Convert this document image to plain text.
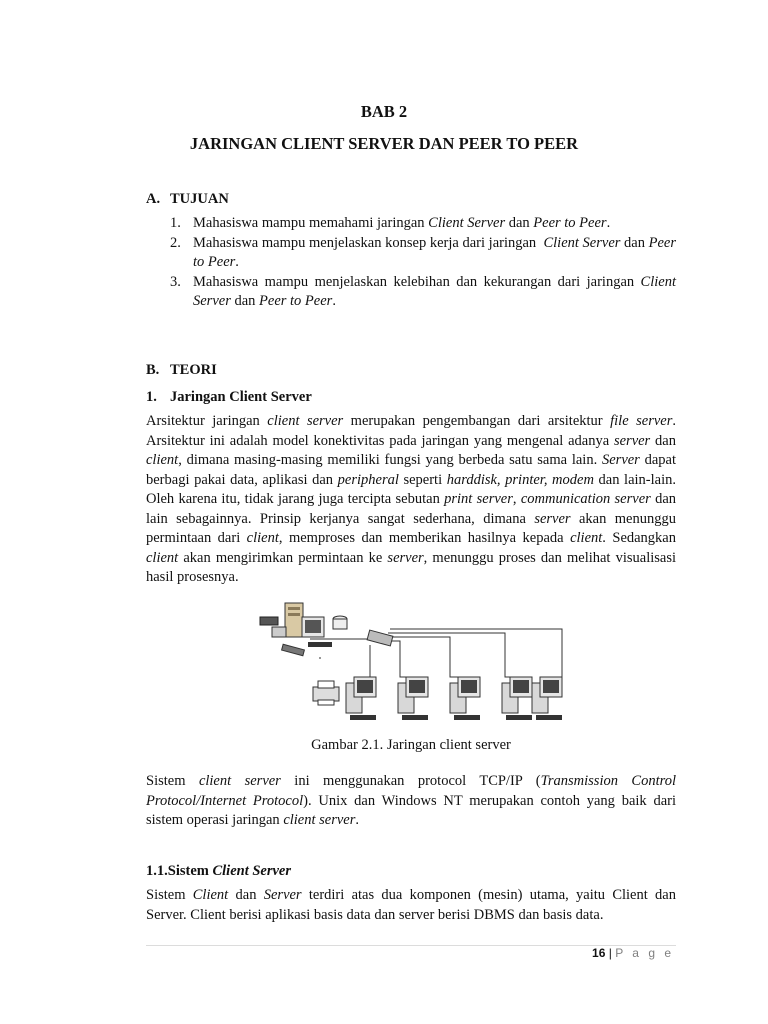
BAB 2
JARINGAN CLIENT SERVER DAN PEER TO PEER
A. TUJUAN
1. Mahasiswa mampu memahami jaringan Client Server dan Peer to Peer.
2. Mahasiswa mampu menjelaskan konsep kerja dari jaringan  Client Server dan Peer to Peer.
3. Mahasiswa mampu menjelaskan kelebihan dan kekurangan dari jaringan Client Server dan Peer to Peer.
B. TEORI
1. Jaringan Client Server

Arsitektur jaringan client server merupakan pengembangan dari arsitektur file server. Arsitektur ini adalah model konektivitas pada jaringan yang mengenal adanya server dan client, dimana masing-masing memiliki fungsi yang berbeda satu sama lain. Server dapat berbagi pakai data, aplikasi dan peripheral seperti harddisk, printer, modem dan lain-lain. Oleh karena itu, tidak jarang juga tercipta sebutan print server, communication server dan lain sebagainnya. Prinsip kerjanya sangat sederhana, dimana server akan menunggu permintaan dari client, memproses dan memberikan hasilnya kepada client. Sedangkan client akan mengirimkan permintaan ke server, menunggu proses dan melihat visualisasi hasil prosesnya.

Gambar 2.1. Jaringan client server

Sistem client server ini menggunakan protocol TCP/IP (Transmission Control Protocol/Internet Protocol). Unix dan Windows NT merupakan contoh yang baik dari sistem operasi jaringan client server.

1.1.Sistem Client Server

Sistem Client dan Server terdiri atas dua komponen (mesin) utama, yaitu Client dan Server. Client berisi aplikasi basis data dan server berisi DBMS dan basis data.

16 | P a g e
